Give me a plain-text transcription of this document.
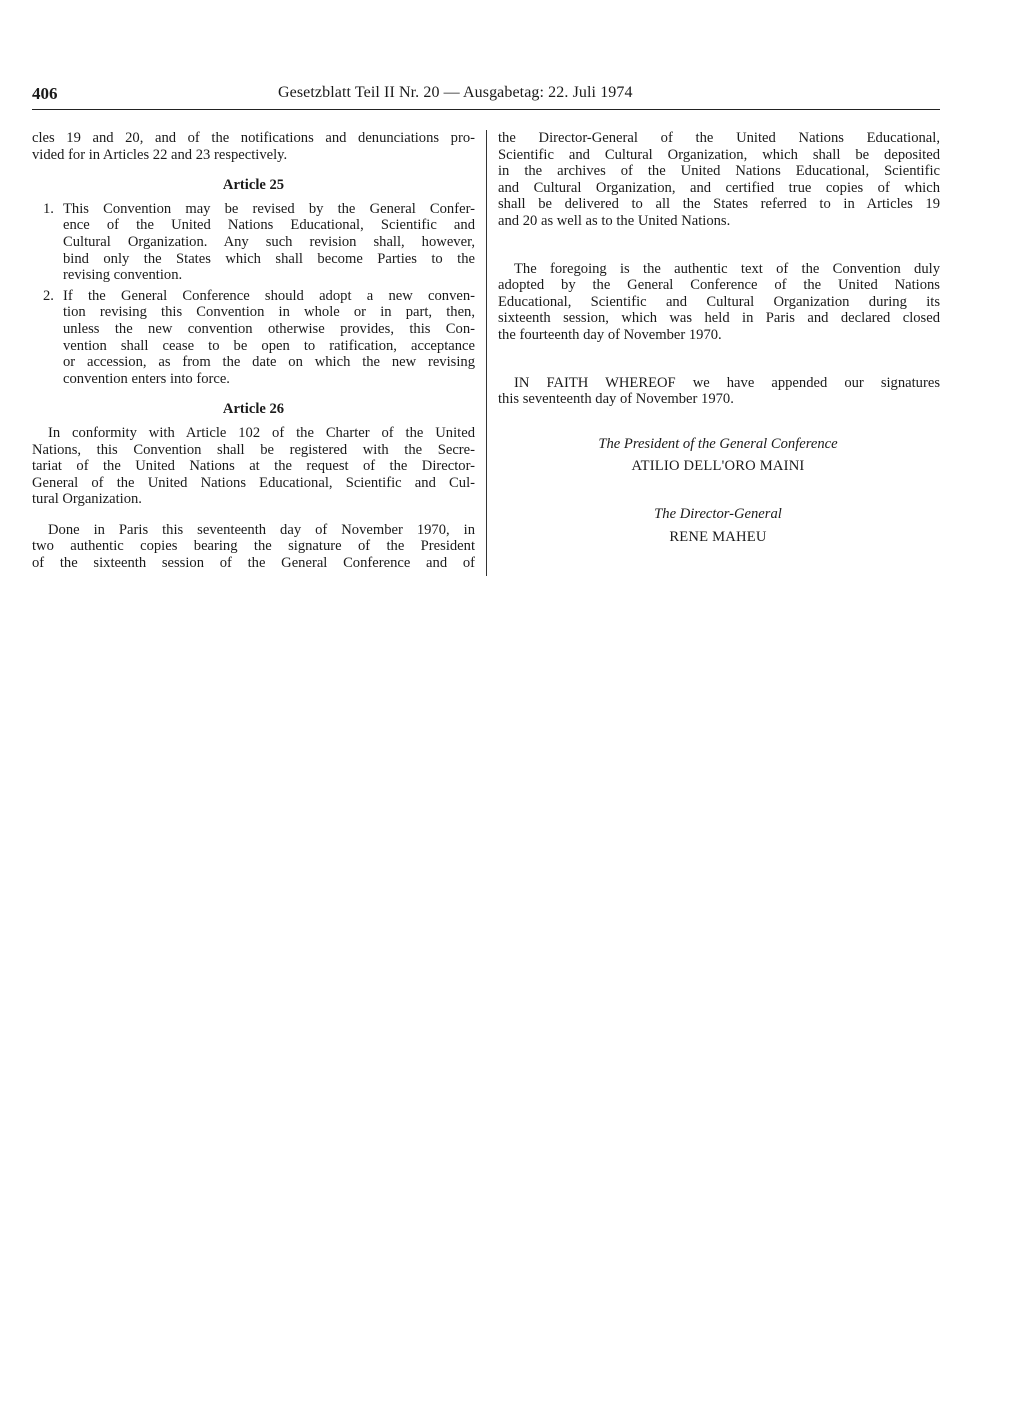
406	Gesetzblatt Teil II Nr. 20 — Ausgabetag: 22. Juli 1974
cles 19 and 20, and of the notifications and denunciations pro-
vided for in Articles 22 and 23 respectively.
Article 25
1. This Convention may be revised by the General Confer-
ence of the United Nations Educational, Scientific and
Cultural Organization. Any such revision shall, however,
bind only the States which shall become Parties to the
revising convention.
2. If the General Conference should adopt a new conven-
tion revising this Convention in whole or in part, then,
unless the new convention otherwise provides, this Con-
vention shall cease to be open to ratification, acceptance
or accession, as from the date on which the new revising
convention enters into force.
Article 26
In conformity with Article 102 of the Charter of the United
Nations, this Convention shall be registered with the Secre-
tariat of the United Nations at the request of the Director-
General of the United Nations Educational, Scientific and Cul-
tural Organization.
Done in Paris this seventeenth day of November 1970, in
two authentic copies bearing the signature of the President
of the sixteenth session of the General Conference and of
the Director-General of the United Nations Educational,
Scientific and Cultural Organization, which shall be deposited
in the archives of the United Nations Educational, Scientific
and Cultural Organization, and certified true copies of which
shall be delivered to all the States referred to in Articles 19
and 20 as well as to the United Nations.
The foregoing is the authentic text of the Convention duly
adopted by the General Conference of the United Nations
Educational, Scientific and Cultural Organization during its
sixteenth session, which was held in Paris and declared closed
the fourteenth day of November 1970.
IN FAITH WHEREOF we have appended our signatures
this seventeenth day of November 1970.
The President of the General Conference
ATILIO DELL'ORO MAINI
The Director-General
RENE MAHEU
